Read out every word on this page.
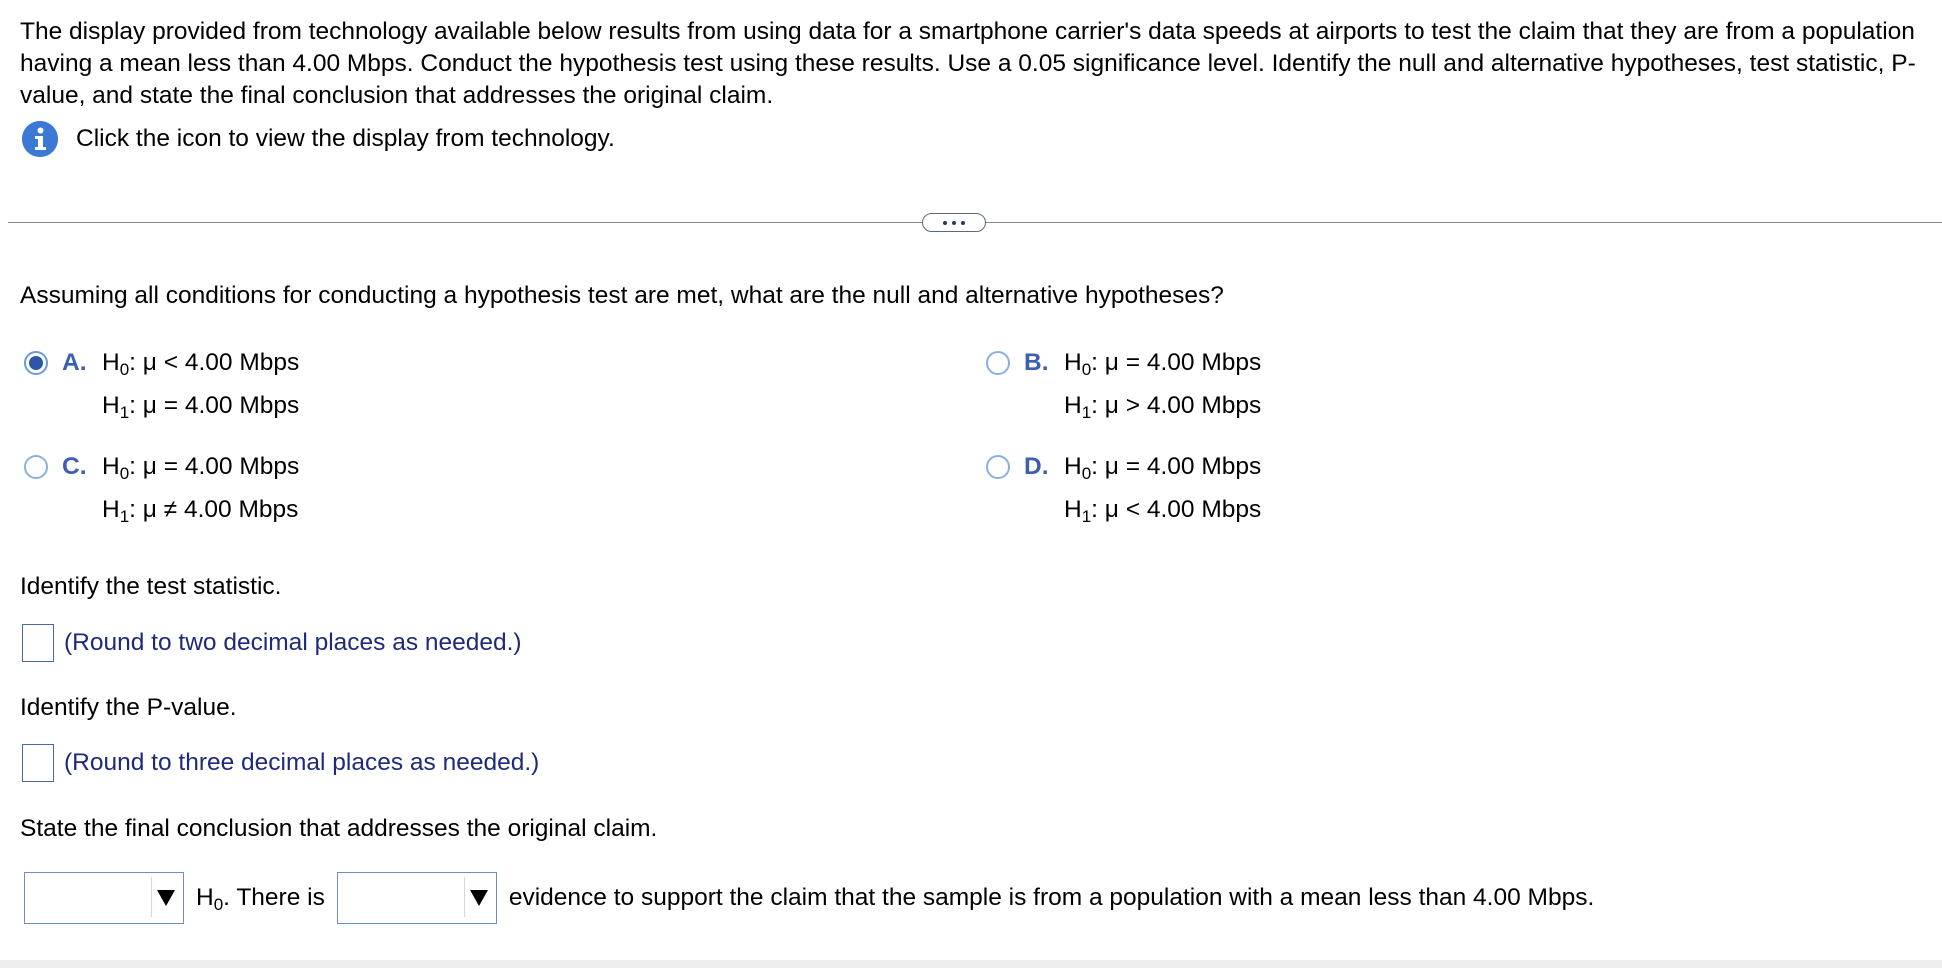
The display provided from technology available below results from using data for a smartphone carrier's data speeds at airports to test the claim that they are from a population having a mean less than 4.00 Mbps. Conduct the hypothesis test using these results. Use a 0.05 significance level. Identify the null and alternative hypotheses, test statistic, P-value, and state the final conclusion that addresses the original claim.

Click the icon to view the display from technology.
Assuming all conditions for conducting a hypothesis test are met, what are the null and alternative hypotheses?
A. $H_0$: μ < 4.00 Mbps
$H_1$: μ = 4.00 Mbps
B. $H_0$: μ = 4.00 Mbps
$H_1$: μ > 4.00 Mbps
C. $H_0$: μ = 4.00 Mbps
$H_1$: μ ≠ 4.00 Mbps
D. $H_0$: μ = 4.00 Mbps
$H_1$: μ < 4.00 Mbps
Identify the test statistic.
(Round to two decimal places as needed.)
Identify the P-value.
(Round to three decimal places as needed.)
State the final conclusion that addresses the original claim.
$H_0$. There is	evidence to support the claim that the sample is from a population with a mean less than 4.00 Mbps.
